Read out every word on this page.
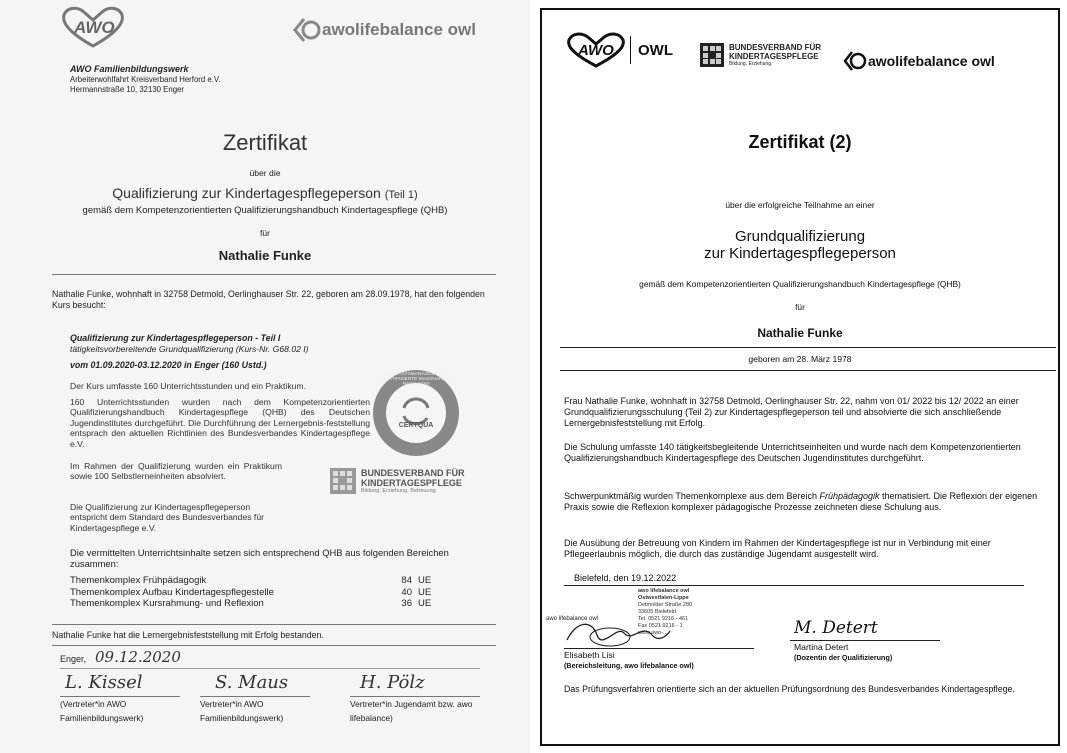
AWO	awolifebalance owl
AWO Familienbildungswerk
Arbeiterwohlfahrt Kreisverband Herford e.V.
Hermannstraße 10, 32130 Enger
Zertifikat
über die
Qualifizierung zur Kindertagespflegeperson (Teil 1)
gemäß dem Kompetenzorientierten Qualifizierungshandbuch Kindertagespflege (QHB)
für
Nathalie Funke
Nathalie Funke, wohnhaft in 32758 Detmold, Oerlinghauser Str. 22, geboren am 28.09.1978, hat den folgenden Kurs besucht:
Qualifizierung zur Kindertagespflegeperson - Teil I
tätigkeitsvorbereitende Grundqualifizierung (Kurs-Nr. G68.02 I)
vom 01.09.2020-03.12.2020 in Enger (160 Ustd.)
Der Kurs umfasste 160 Unterrichtsstunden und ein Praktikum.
160 Unterrichtsstunden wurden nach dem Kompetenzorientierten Qualifizierungshandbuch Kindertagespflege (QHB) des Deutschen Jugendinstitutes durchgeführt. Die Durchführung der Lernergebnis-feststellung entsprach den aktuellen Richtlinien des Bundesverbandes Kindertagespflege e.V.
Im Rahmen der Qualifizierung wurden ein Praktikum sowie 100 Selbstlerneinheiten absolviert.
Die Qualifizierung zur Kindertagespflegeperson entspricht dem Standard des Bundesverbandes für Kindertagespflege e.V.
QUALITÄTSMANAGEMENT · ZERTIFIZIERTE MASSNAHME NACH AZAV
CERTQUA
BUNDESVERBAND FÜR
KINDERTAGESPFLEGE
Bildung. Erziehung. Betreuung.
Die vermittelten Unterrichtsinhalte setzen sich entsprechend QHB aus folgenden Bereichen zusammen:
Themenkomplex Frühpädagogik	84 UE
Themenkomplex Aufbau Kindertagespflegestelle	40 UE
Themenkomplex Kursrahmung- und Reflexion	36 UE
Nathalie Funke hat die Lernergebnisfeststellung mit Erfolg bestanden.
Enger, 09.12.2020
L. Kissel	S. Maus	H. Pölz
(Vertreter*in AWO Familienbildungswerk)
Vertreter*in AWO Familienbildungswerk)
Vertreter*in Jugendamt bzw. awo lifebalance)
AWO OWL	BUNDESVERBAND FÜR
KINDERTAGESPFLEGE
Bildung. Erziehung.	awolifebalance owl
Zertifikat (2)
über die erfolgreiche Teilnahme an einer
Grundqualifizierung
zur Kindertagespflegeperson
gemäß dem Kompetenzorientierten Qualifizierungshandbuch Kindertagespflege (QHB)
für
Nathalie Funke
geboren am 28. März 1978
Frau Nathalie Funke, wohnhaft in 32758 Detmold, Oerlinghauser Str. 22, nahm von 01/ 2022 bis 12/ 2022 an einer Grundqualifizierungsschulung (Teil 2) zur Kindertagespflegeperson teil und absolvierte die sich anschließende Lernergebnisfeststellung mit Erfolg.
Die Schulung umfasste 140 tätigkeitsbegleitende Unterrichtseinheiten und wurde nach dem Kompetenzorientierten Qualifizierungshandbuch Kindertagespflege des Deutschen Jugendinstitutes durchgeführt.
Schwerpunktmäßig wurden Themenkomplexe aus dem Bereich Frühpädagogik thematisiert. Die Reflexion der eigenen Praxis sowie die Reflexion komplexer pädagogische Prozesse zeichneten diese Schulung aus.
Die Ausübung der Betreuung von Kindern im Rahmen der Kindertagespflege ist nur in Verbindung mit einer Pflegeerlaubnis möglich, die durch das zuständige Jugendamt ausgestellt wird.
Bielefeld, den 19.12.2022
awo lifebalance owl
Ostwestfalen-Lippe
Detmolder Straße 280
33605 Bielefeld
Tel. 0521 9216 - 461
Fax 0521 9216 - 1
www.awo-...
awo lifebalance owl
Elisabeth Lisi
(Bereichsleitung, awo lifebalance owl)
M. Detert
Martina Detert
(Dozentin der Qualifizierung)
Das Prüfungsverfahren orientierte sich an der aktuellen Prüfungsordnung des Bundesverbandes Kindertagespflege.
